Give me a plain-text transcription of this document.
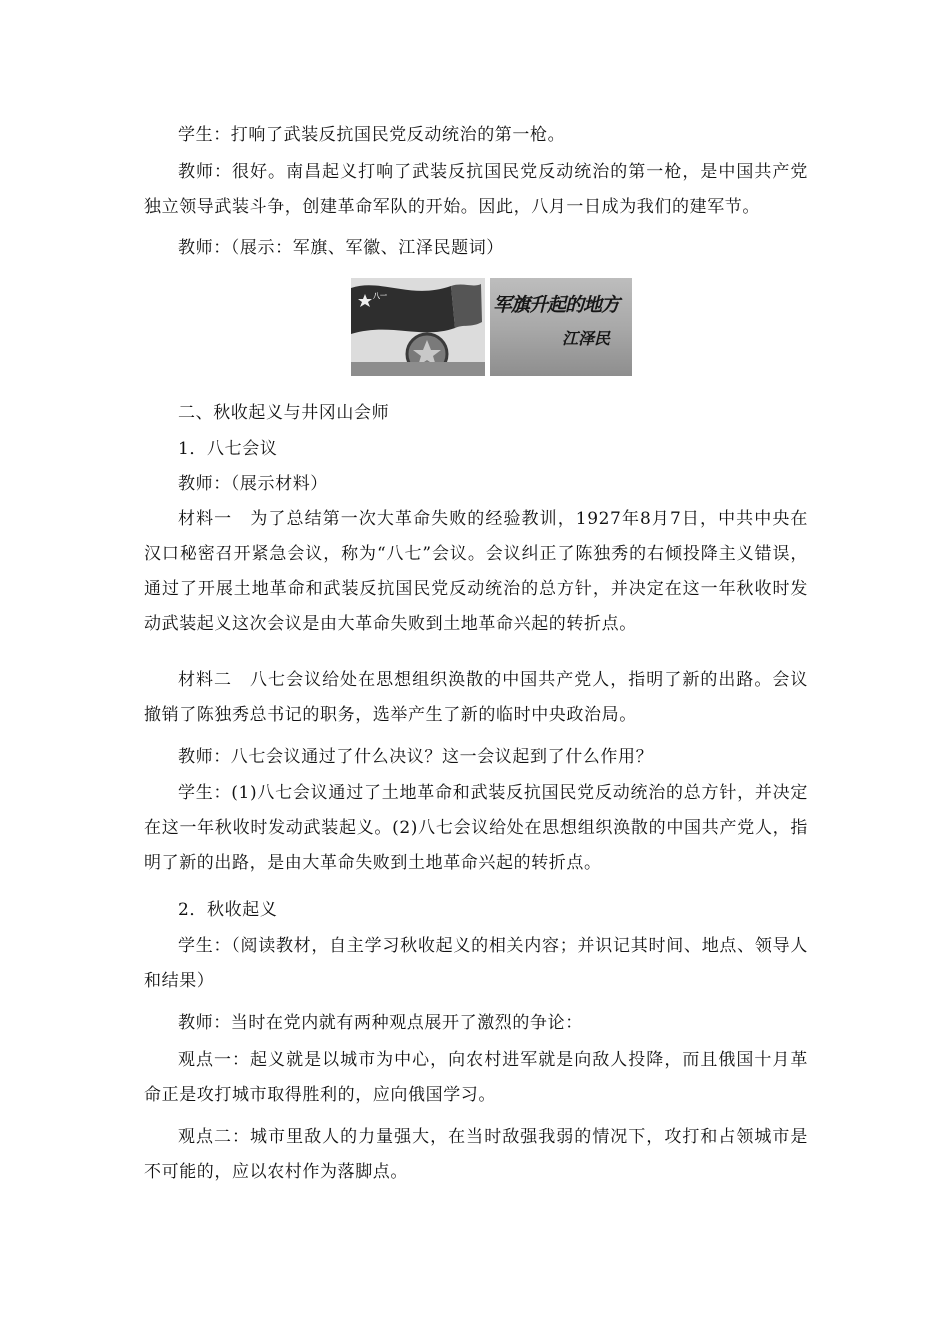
学生：打响了武装反抗国民党反动统治的第一枪。

教师：很好。南昌起义打响了武装反抗国民党反动统治的第一枪，是中国共产党独立领导武装斗争，创建革命军队的开始。因此，八月一日成为我们的建军节。

教师：（展示：军旗、军徽、江泽民题词）

八一	军旗升起的地方
江泽民

二、秋收起义与井冈山会师

1．八七会议

教师：（展示材料）

材料一　为了总结第一次大革命失败的经验教训，1927年8月7日，中共中央在汉口秘密召开紧急会议，称为“八七”会议。会议纠正了陈独秀的右倾投降主义错误，通过了开展土地革命和武装反抗国民党反动统治的总方针，并决定在这一年秋收时发动武装起义这次会议是由大革命失败到土地革命兴起的转折点。

材料二　八七会议给处在思想组织涣散的中国共产党人，指明了新的出路。会议撤销了陈独秀总书记的职务，选举产生了新的临时中央政治局。

教师：八七会议通过了什么决议？这一会议起到了什么作用？

学生：(1)八七会议通过了土地革命和武装反抗国民党反动统治的总方针，并决定在这一年秋收时发动武装起义。(2)八七会议给处在思想组织涣散的中国共产党人，指明了新的出路，是由大革命失败到土地革命兴起的转折点。

2．秋收起义

学生：（阅读教材，自主学习秋收起义的相关内容；并识记其时间、地点、领导人和结果）

教师：当时在党内就有两种观点展开了激烈的争论：

观点一：起义就是以城市为中心，向农村进军就是向敌人投降，而且俄国十月革命正是攻打城市取得胜利的，应向俄国学习。

观点二：城市里敌人的力量强大，在当时敌强我弱的情况下，攻打和占领城市是不可能的，应以农村作为落脚点。
